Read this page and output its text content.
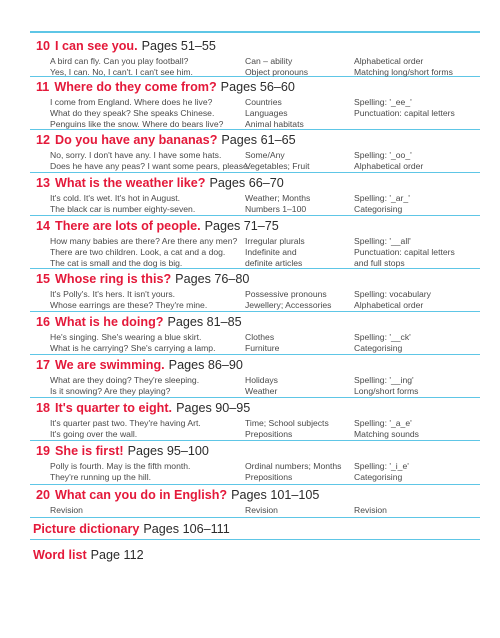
10 I can see you. Pages 51–55
A bird can fly. Can you play football?
Yes, I can. No, I can't. I can't see him.
Can – ability
Object pronouns
Alphabetical order
Matching long/short forms
11 Where do they come from? Pages 56–60
I come from England. Where does he live?
What do they speak? She speaks Chinese.
Penguins like the snow. Where do bears live?
Countries
Languages
Animal habitats
Spelling: '_ee_'
Punctuation: capital letters
12 Do you have any bananas? Pages 61–65
No, sorry. I don't have any. I have some hats.
Does he have any peas? I want some pears, please.
Some/Any
Vegetables; Fruit
Spelling: '_oo_'
Alphabetical order
13 What is the weather like? Pages 66–70
It's cold. It's wet. It's hot in August.
The black car is number eighty-seven.
Weather; Months
Numbers 1–100
Spelling: '_ar_'
Categorising
14 There are lots of people. Pages 71–75
How many babies are there? Are there any men?
There are two children. Look, a cat and a dog.
The cat is small and the dog is big.
Irregular plurals
Indefinite and
definite articles
Spelling: '__all'
Punctuation: capital letters
and full stops
15 Whose ring is this? Pages 76–80
It's Polly's. It's hers. It isn't yours.
Whose earrings are these? They're mine.
Possessive pronouns
Jewellery; Accessories
Spelling: vocabulary
Alphabetical order
16 What is he doing? Pages 81–85
He's singing. She's wearing a blue skirt.
What is he carrying? She's carrying a lamp.
Clothes
Furniture
Spelling: '__ck'
Categorising
17 We are swimming. Pages 86–90
What are they doing? They're sleeping.
Is it snowing? Are they playing?
Holidays
Weather
Spelling: '__ing'
Long/short forms
18 It's quarter to eight. Pages 90–95
It's quarter past two. They're having Art.
It's going over the wall.
Time; School subjects
Prepositions
Spelling: '_a_e'
Matching sounds
19 She is first! Pages 95–100
Polly is fourth. May is the fifth month.
They're running up the hill.
Ordinal numbers; Months
Prepositions
Spelling: '_i_e'
Categorising
20 What can you do in English? Pages 101–105
Revision	Revision	Revision
Picture dictionary Pages 106–111
Word list Page 112
